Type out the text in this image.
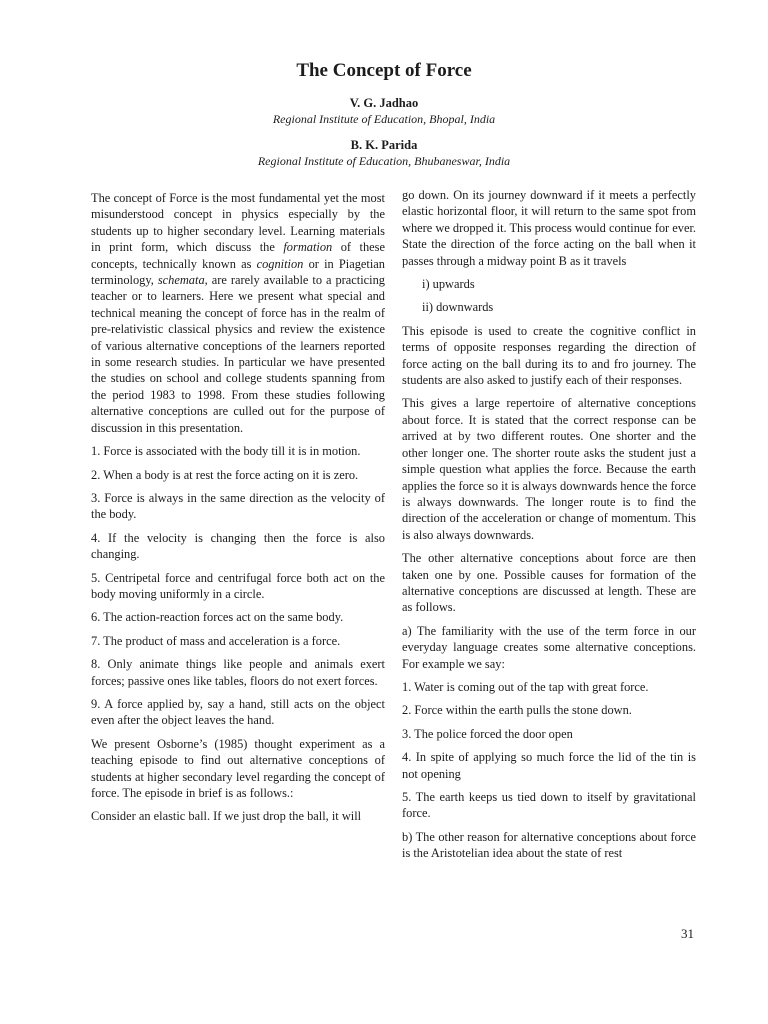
The Concept of Force
V. G. Jadhao
Regional Institute of Education, Bhopal, India
B. K. Parida
Regional Institute of Education, Bhubaneswar, India

The concept of Force is the most fundamental yet the most misunderstood concept in physics especially by the students up to higher secondary level. Learning materials in print form, which discuss the formation of these concepts, technically known as cognition or in Piagetian terminology, schemata, are rarely available to a practicing teacher or to learners. Here we present what special and technical meaning the concept of force has in the realm of pre-relativistic classical physics and review the existence of various alternative conceptions of the learners reported in some research studies. In particular we have presented the studies on school and college students spanning from the period 1983 to 1998. From these studies following alternative conceptions are culled out for the purpose of discussion in this presentation.

1. Force is associated with the body till it is in motion.

2. When a body is at rest the force acting on it is zero.

3. Force is always in the same direction as the velocity of the body.

4. If the velocity is changing then the force is also changing.

5. Centripetal force and centrifugal force both act on the body moving uniformly in a circle.

6. The action-reaction forces act on the same body.

7. The product of mass and acceleration is a force.

8. Only animate things like people and animals exert forces; passive ones like tables, floors do not exert forces.

9. A force applied by, say a hand, still acts on the object even after the object leaves the hand.

We present Osborne’s (1985) thought experiment as a teaching episode to find out alternative conceptions of students at higher secondary level regarding the concept of force. The episode in brief is as follows.:

Consider an elastic ball. If we just drop the ball, it will

go down. On its journey downward if it meets a perfectly elastic horizontal floor, it will return to the same spot from where we dropped it. This process would continue for ever. State the direction of the force acting on the ball when it passes through a midway point B as it travels

i) upwards

ii) downwards

This episode is used to create the cognitive conflict in terms of opposite responses regarding the direction of force acting on the ball during its to and fro journey. The students are also asked to justify each of their responses.

This gives a large repertoire of alternative conceptions about force. It is stated that the correct response can be arrived at by two different routes. One shorter and the other longer one. The shorter route asks the student just a simple question what applies the force. Because the earth applies the force so it is always downwards hence the force is always downwards. The longer route is to find the direction of the acceleration or change of momentum. This is also always downwards.

The other alternative conceptions about force are then taken one by one. Possible causes for formation of the alternative conceptions are discussed at length. These are as follows.

a) The familiarity with the use of the term force in our everyday language creates some alternative conceptions. For example we say:

1. Water is coming out of the tap with great force.

2. Force within the earth pulls the stone down.

3. The police forced the door open

4. In spite of applying so much force the lid of the tin is not opening

5. The earth keeps us tied down to itself by gravitational force.

b) The other reason for alternative conceptions about force is the Aristotelian idea about the state of rest

31
